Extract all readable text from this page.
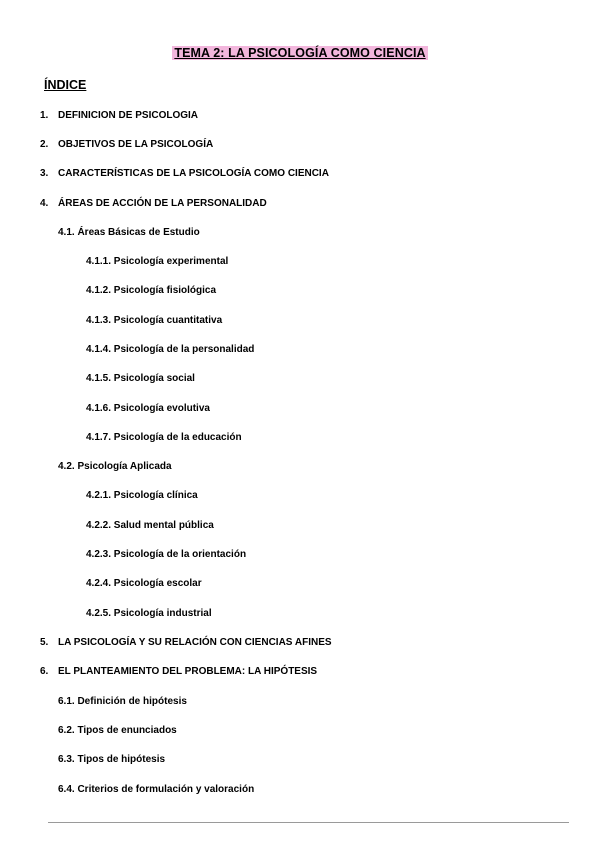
TEMA 2: LA PSICOLOGÍA COMO CIENCIA
ÍNDICE
1. DEFINICION DE PSICOLOGIA
2. OBJETIVOS DE LA PSICOLOGÍA
3. CARACTERÍSTICAS DE LA PSICOLOGÍA COMO CIENCIA
4. ÁREAS DE ACCIÓN DE LA PERSONALIDAD
4.1. Áreas Básicas de Estudio
4.1.1. Psicología experimental
4.1.2. Psicología fisiológica
4.1.3. Psicología cuantitativa
4.1.4. Psicología de la personalidad
4.1.5. Psicología social
4.1.6. Psicología evolutiva
4.1.7. Psicología de la educación
4.2. Psicología Aplicada
4.2.1. Psicología clínica
4.2.2. Salud mental pública
4.2.3. Psicología de la orientación
4.2.4. Psicología escolar
4.2.5. Psicología industrial
5. LA PSICOLOGÍA Y SU RELACIÓN CON CIENCIAS AFINES
6. EL PLANTEAMIENTO DEL PROBLEMA: LA HIPÓTESIS
6.1. Definición de hipótesis
6.2. Tipos de enunciados
6.3. Tipos de hipótesis
6.4. Criterios de formulación y valoración
